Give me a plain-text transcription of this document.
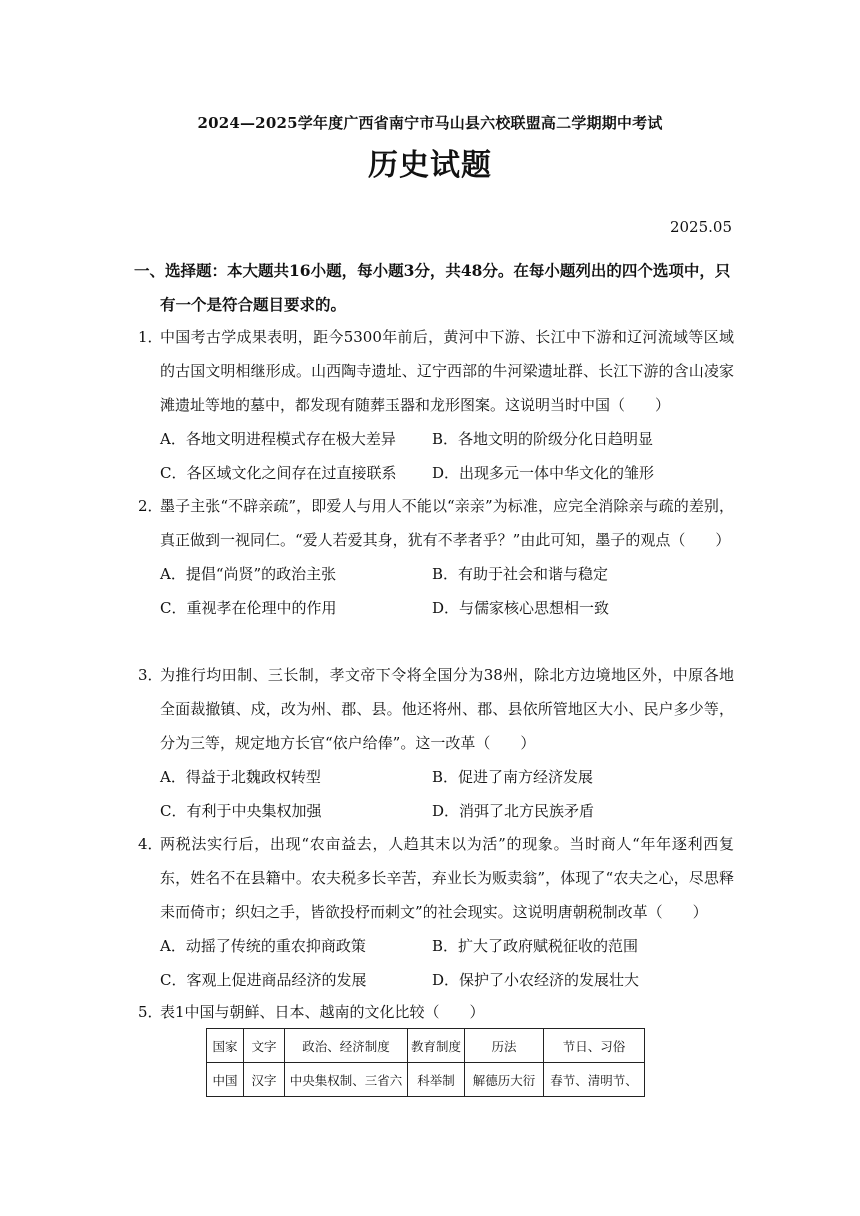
2024—2025学年度广西省南宁市马山县六校联盟高二学期期中考试
历史试题
2025.05
一、选择题：本大题共16小题，每小题3分，共48分。在每小题列出的四个选项中，只
有一个是符合题目要求的。
1．
中国考古学成果表明，距今5300年前后，黄河中下游、长江中下游和辽河流域等区域的古国文明相继形成。山西陶寺遗址、辽宁西部的牛河梁遗址群、长江下游的含山凌家滩遗址等地的墓中，都发现有随葬玉器和龙形图案。这说明当时中国（　　）
A．各地文明进程模式存在极大差异 B．各地文明的阶级分化日趋明显
C．各区域文化之间存在过直接联系 D．出现多元一体中华文化的雏形
2．
墨子主张“不辟亲疏”，即爱人与用人不能以“亲亲”为标准，应完全消除亲与疏的差别，真正做到一视同仁。“爱人若爱其身，犹有不孝者乎？”由此可知，墨子的观点（　　）
A．提倡“尚贤”的政治主张	B．有助于社会和谐与稳定
C．重视孝在伦理中的作用	D．与儒家核心思想相一致
3．
为推行均田制、三长制，孝文帝下令将全国分为38州，除北方边境地区外，中原各地全面裁撤镇、戍，改为州、郡、县。他还将州、郡、县依所管地区大小、民户多少等，分为三等，规定地方长官“依户给俸”。这一改革（　　）
A．得益于北魏政权转型	B．促进了南方经济发展
C．有利于中央集权加强	D．消弭了北方民族矛盾
4．
两税法实行后，出现“农亩益去，人趋其末以为活”的现象。当时商人“年年逐利西复东，姓名不在县籍中。农夫税多长辛苦，弃业长为贩卖翁”，体现了“农夫之心，尽思释耒而倚市；织妇之手，皆欲投杼而刺文”的社会现实。这说明唐朝税制改革（　　）
A．动摇了传统的重农抑商政策	B．扩大了政府赋税征收的范围
C．客观上促进商品经济的发展	D．保护了小农经济的发展壮大
5．
表1中国与朝鲜、日本、越南的文化比较（　　）
国家	文字	政治、经济制度	教育制度	历法	节日、习俗
中国	汉字	中央集权制、三省六	科举制	解德历大衍	春节、清明节、
